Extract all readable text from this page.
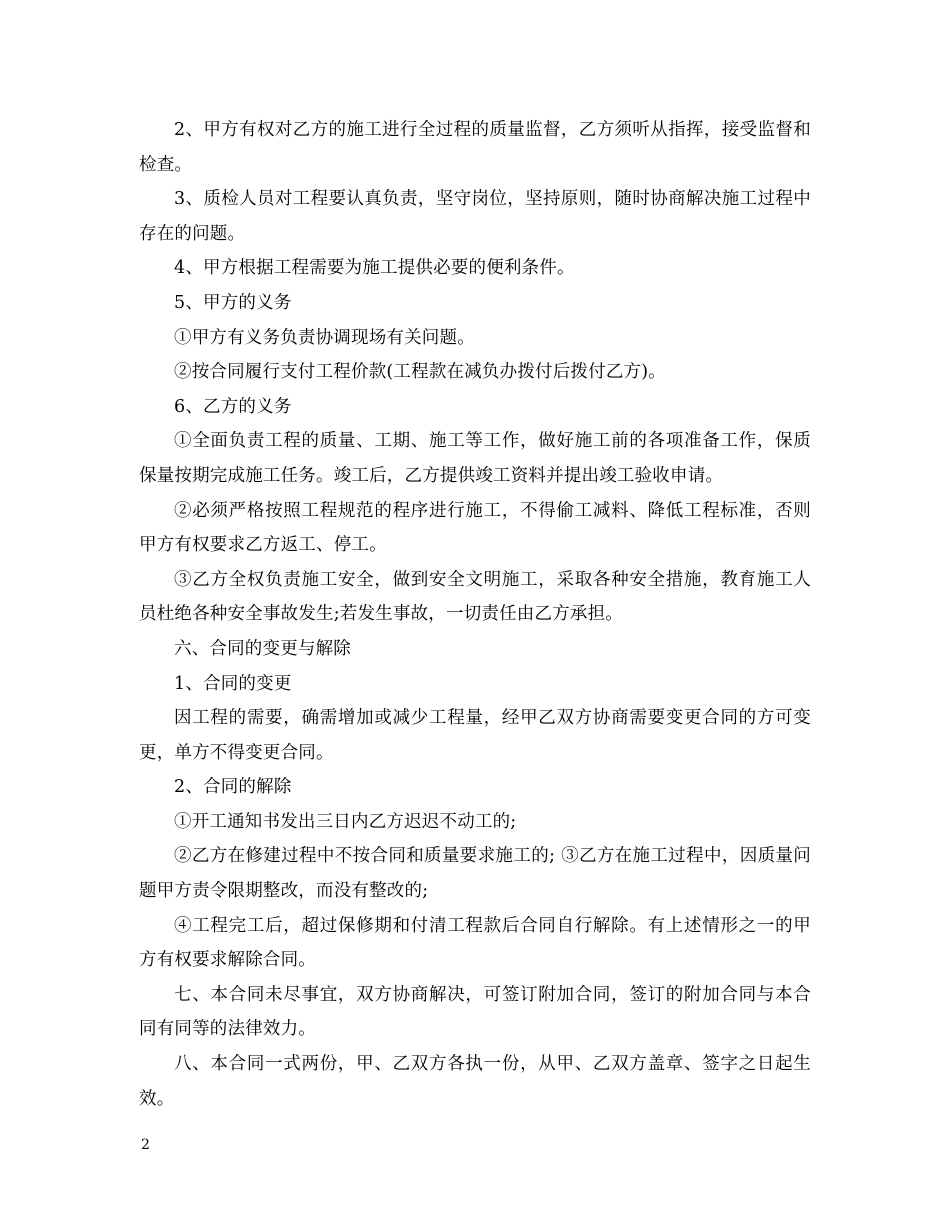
2、甲方有权对乙方的施工进行全过程的质量监督，乙方须听从指挥，接受监督和检查。

3、质检人员对工程要认真负责，坚守岗位，坚持原则，随时协商解决施工过程中存在的问题。

4、甲方根据工程需要为施工提供必要的便利条件。

5、甲方的义务

①甲方有义务负责协调现场有关问题。

②按合同履行支付工程价款(工程款在减负办拨付后拨付乙方)。

6、乙方的义务

①全面负责工程的质量、工期、施工等工作，做好施工前的各项准备工作，保质保量按期完成施工任务。竣工后，乙方提供竣工资料并提出竣工验收申请。

②必须严格按照工程规范的程序进行施工，不得偷工减料、降低工程标准，否则甲方有权要求乙方返工、停工。

③乙方全权负责施工安全，做到安全文明施工，采取各种安全措施，教育施工人员杜绝各种安全事故发生;若发生事故，一切责任由乙方承担。

六、合同的变更与解除

1、合同的变更

因工程的需要，确需增加或减少工程量，经甲乙双方协商需要变更合同的方可变更，单方不得变更合同。

2、合同的解除

①开工通知书发出三日内乙方迟迟不动工的;

②乙方在修建过程中不按合同和质量要求施工的; ③乙方在施工过程中，因质量问题甲方责令限期整改，而没有整改的;

④工程完工后，超过保修期和付清工程款后合同自行解除。有上述情形之一的甲方有权要求解除合同。

七、本合同未尽事宜，双方协商解决，可签订附加合同，签订的附加合同与本合同有同等的法律效力。

八、本合同一式两份，甲、乙双方各执一份，从甲、乙双方盖章、签字之日起生效。

2
